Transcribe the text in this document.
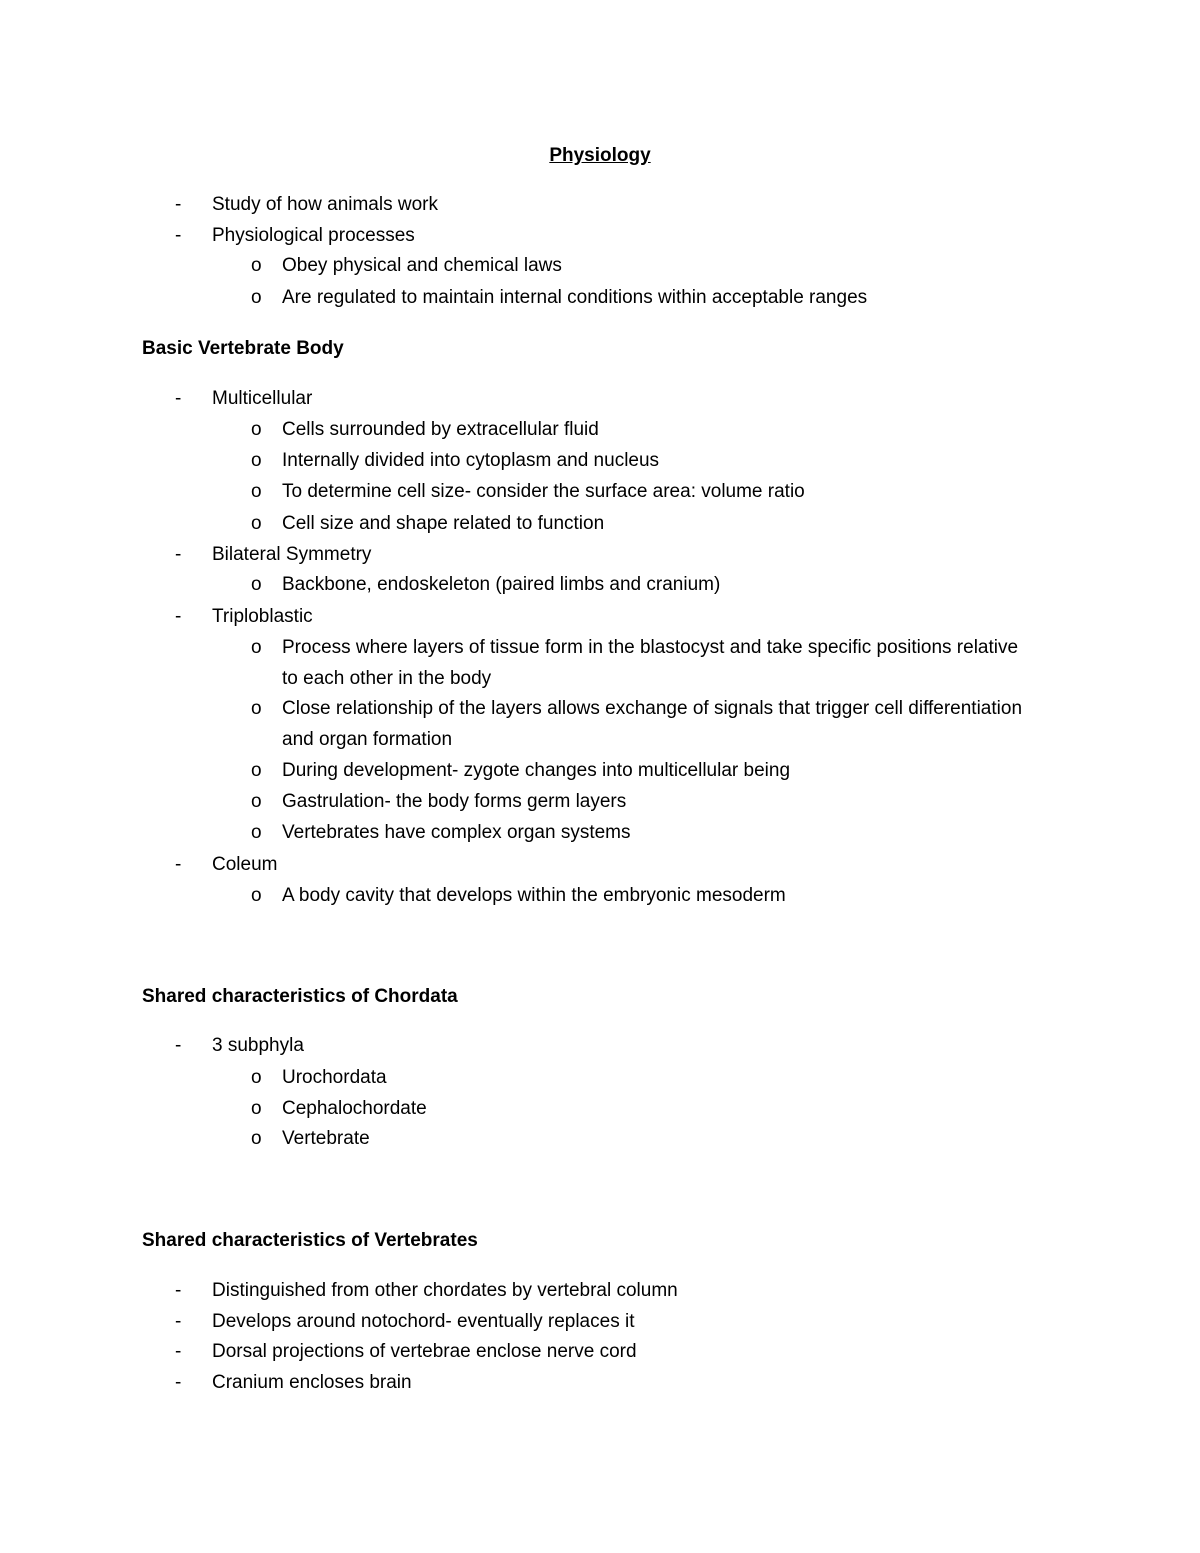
Physiology
- Study of how animals work
- Physiological processes
o Obey physical and chemical laws
o Are regulated to maintain internal conditions within acceptable ranges
Basic Vertebrate Body
- Multicellular
o Cells surrounded by extracellular fluid
o Internally divided into cytoplasm and nucleus
o To determine cell size- consider the surface area: volume ratio
o Cell size and shape related to function
- Bilateral Symmetry
o Backbone, endoskeleton (paired limbs and cranium)
- Triploblastic
o Process where layers of tissue form in the blastocyst and take specific positions relative
to each other in the body
o Close relationship of the layers allows exchange of signals that trigger cell differentiation
and organ formation
o During development- zygote changes into multicellular being
o Gastrulation- the body forms germ layers
o Vertebrates have complex organ systems
- Coleum
o A body cavity that develops within the embryonic mesoderm
Shared characteristics of Chordata
- 3 subphyla
o Urochordata
o Cephalochordate
o Vertebrate
Shared characteristics of Vertebrates
- Distinguished from other chordates by vertebral column
- Develops around notochord- eventually replaces it
- Dorsal projections of vertebrae enclose nerve cord
- Cranium encloses brain
